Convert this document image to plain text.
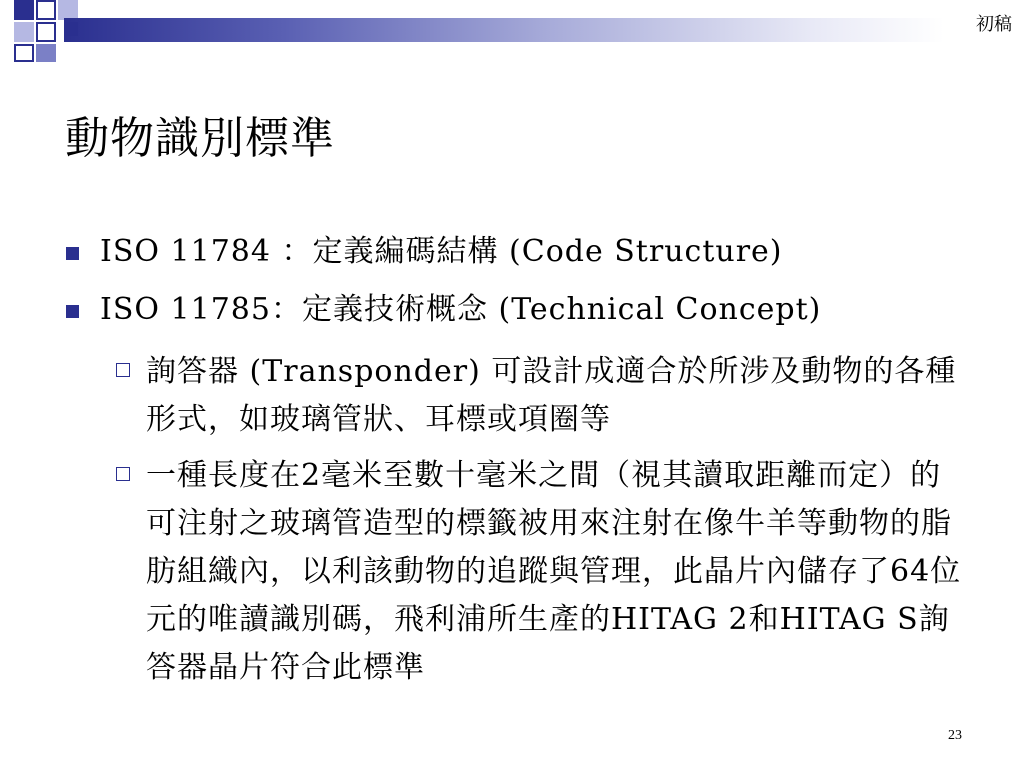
初稿
動物識別標準
ISO 11784 ：定義編碼結構 (Code Structure)
ISO 11785：定義技術概念 (Technical Concept)
詢答器 (Transponder) 可設計成適合於所涉及動物的各種形式，如玻璃管狀、耳標或項圈等
一種長度在2毫米至數十毫米之間（視其讀取距離而定）的可注射之玻璃管造型的標籤被用來注射在像牛羊等動物的脂肪組織內，以利該動物的追蹤與管理，此晶片內儲存了64位元的唯讀識別碼，飛利浦所生產的HITAG 2和HITAG S詢答器晶片符合此標準
23
